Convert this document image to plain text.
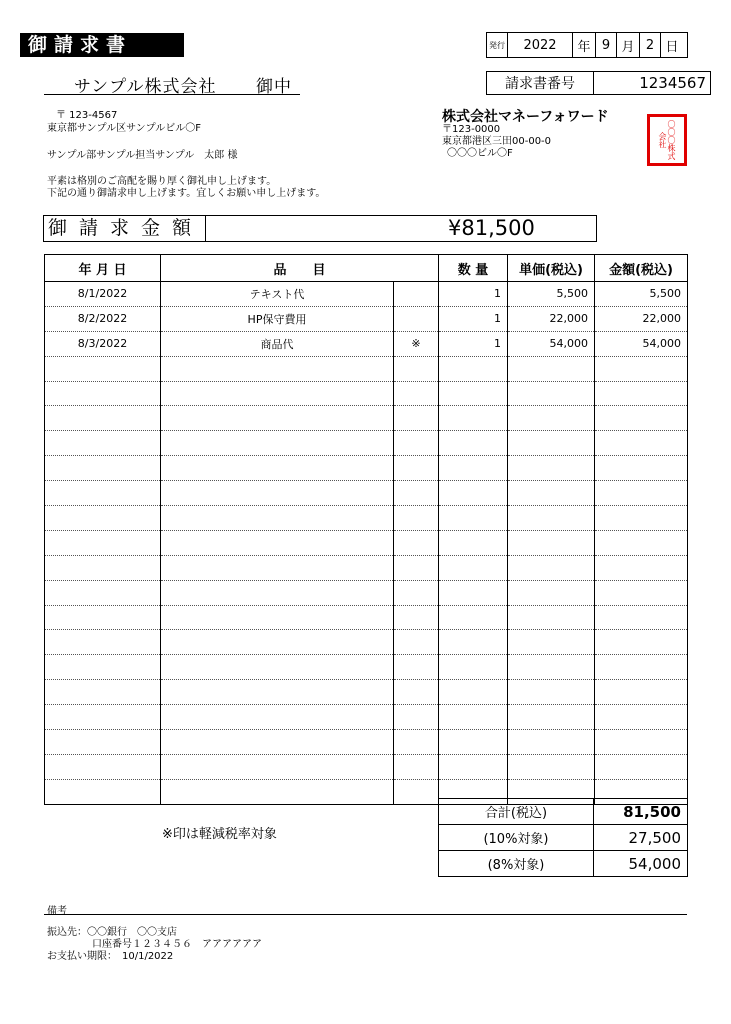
御請求書
サンプル株式会社 御中
発行	2022	年 9 月 2 日
請求書番号	1234567
〒 123-4567
東京都サンプル区サンプルビル〇F
サンプル部サンプル担当サンプル　太郎 様
平素は格別のご高配を賜り厚く御礼申し上げます。
下記の通り御請求申し上げます。宜しくお願い申し上げます。
株式会社マネーフォワード
〒123-0000
東京都港区三田00-00-0
〇〇〇ビル〇F
〇〇〇株式会社
御請求金額	¥81,500
年 月 日	品　　目		数 量	単価(税込)	金額(税込)
8/1/2022	テキスト代		1	5,500	5,500
8/2/2022	HP保守費用		1	22,000	22,000
8/3/2022	商品代	※	1	54,000	54,000

合計(税込)	81,500
(10%対象)	27,500
(8%対象)	54,000
※印は軽減税率対象
備考
振込先：〇〇銀行　〇〇支店
口座番号１２３４５６　アアアアアア
お支払い期限：　10/1/2022
